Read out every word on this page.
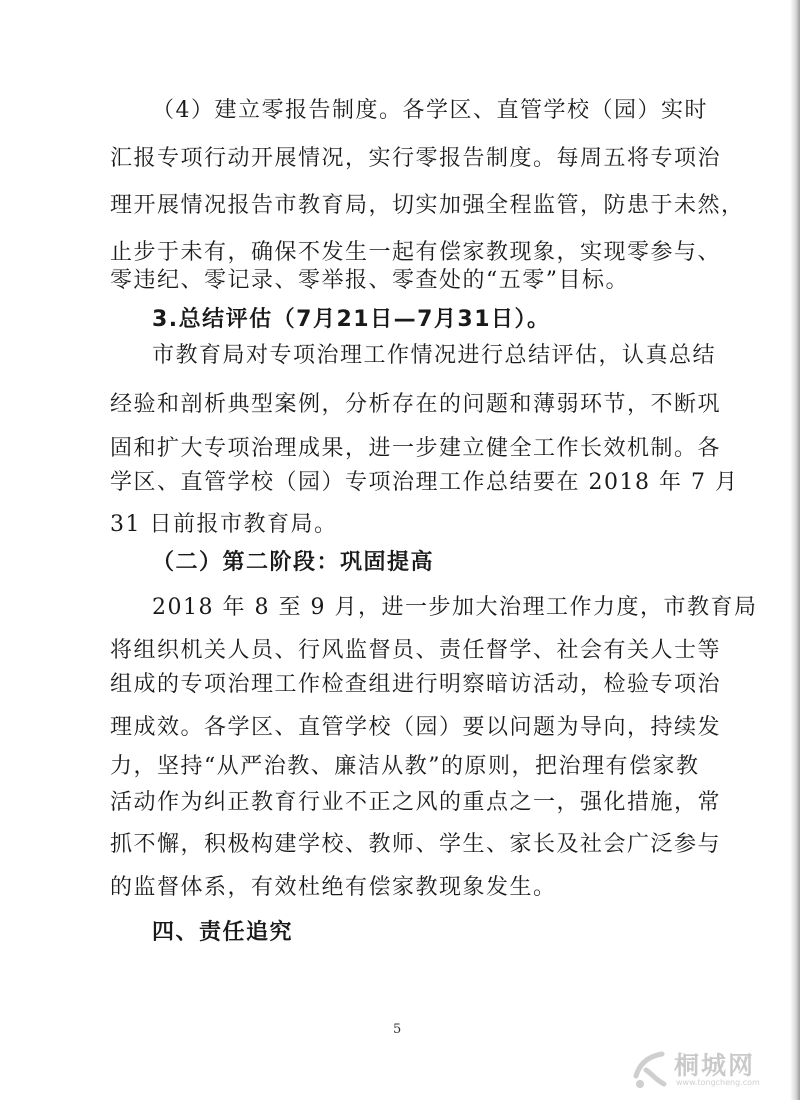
（4）建立零报告制度。各学区、直管学校（园）实时
汇报专项行动开展情况，实行零报告制度。每周五将专项治
理开展情况报告市教育局，切实加强全程监管，防患于未然，
止步于未有，确保不发生一起有偿家教现象，实现零参与、
零违纪、零记录、零举报、零查处的“五零”目标。
3.总结评估（7月21日—7月31日）。
市教育局对专项治理工作情况进行总结评估，认真总结
经验和剖析典型案例，分析存在的问题和薄弱环节，不断巩
固和扩大专项治理成果，进一步建立健全工作长效机制。各
学区、直管学校（园）专项治理工作总结要在 2018 年 7 月
31 日前报市教育局。
（二）第二阶段：巩固提高
2018 年 8 至 9 月，进一步加大治理工作力度，市教育局
将组织机关人员、行风监督员、责任督学、社会有关人士等
组成的专项治理工作检查组进行明察暗访活动，检验专项治
理成效。各学区、直管学校（园）要以问题为导向，持续发
力，坚持“从严治教、廉洁从教”的原则，把治理有偿家教
活动作为纠正教育行业不正之风的重点之一，强化措施，常
抓不懈，积极构建学校、教师、学生、家长及社会广泛参与
的监督体系，有效杜绝有偿家教现象发生。
四、责任追究
5
桐城网
www.tongcheng.com
